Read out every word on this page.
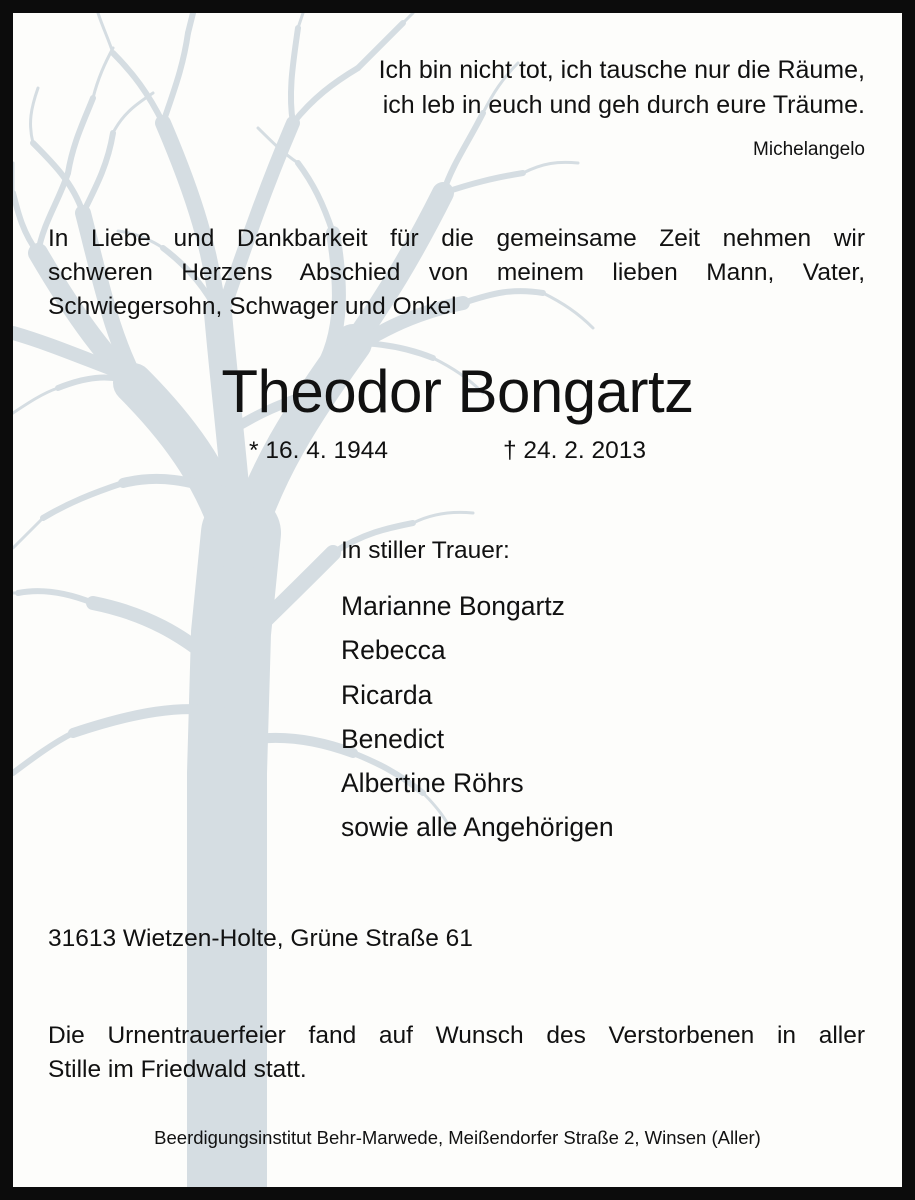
Ich bin nicht tot, ich tausche nur die Räume,
ich leb in euch und geh durch eure Träume.
Michelangelo
In Liebe und Dankbarkeit für die gemeinsame Zeit nehmen wir
schweren Herzens Abschied von meinem lieben Mann, Vater,
Schwiegersohn, Schwager und Onkel
Theodor Bongartz
* 16. 4. 1944	† 24. 2. 2013
In stiller Trauer:
Marianne Bongartz
Rebecca
Ricarda
Benedict
Albertine Röhrs
sowie alle Angehörigen
31613 Wietzen-Holte, Grüne Straße 61
Die Urnentrauerfeier fand auf Wunsch des Verstorbenen in aller
Stille im Friedwald statt.
Beerdigungsinstitut Behr-Marwede, Meißendorfer Straße 2, Winsen (Aller)
